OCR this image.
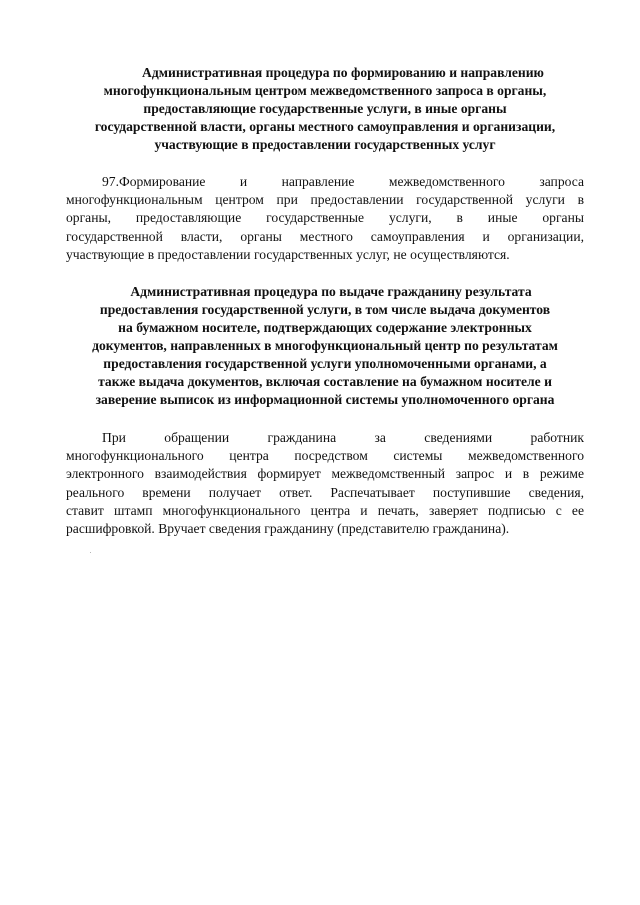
Административная процедура по формированию и направлению
многофункциональным центром межведомственного запроса в органы,
предоставляющие государственные услуги, в иные органы
государственной власти, органы местного самоуправления и организации,
участвующие в предоставлении государственных услуг

97.Формирование и направление межведомственного запроса
многофункциональным центром при предоставлении государственной услуги в
органы, предоставляющие государственные услуги, в иные органы
государственной власти, органы местного самоуправления и организации,
участвующие в предоставлении государственных услуг, не осуществляются.

Административная процедура по выдаче гражданину результата
предоставления государственной услуги, в том числе выдача документов
на бумажном носителе, подтверждающих содержание электронных
документов, направленных в многофункциональный центр по результатам
предоставления государственной услуги уполномоченными органами, а
также выдача документов, включая составление на бумажном носителе и
заверение выписок из информационной системы уполномоченного органа

При обращении гражданина за сведениями работник
многофункционального центра посредством системы межведомственного
электронного взаимодействия формирует межведомственный запрос и в режиме
реального времени получает ответ. Распечатывает поступившие сведения,
ставит штамп многофункционального центра и печать, заверяет подписью с ее
расшифровкой. Вручает сведения гражданину (представителю гражданина).
